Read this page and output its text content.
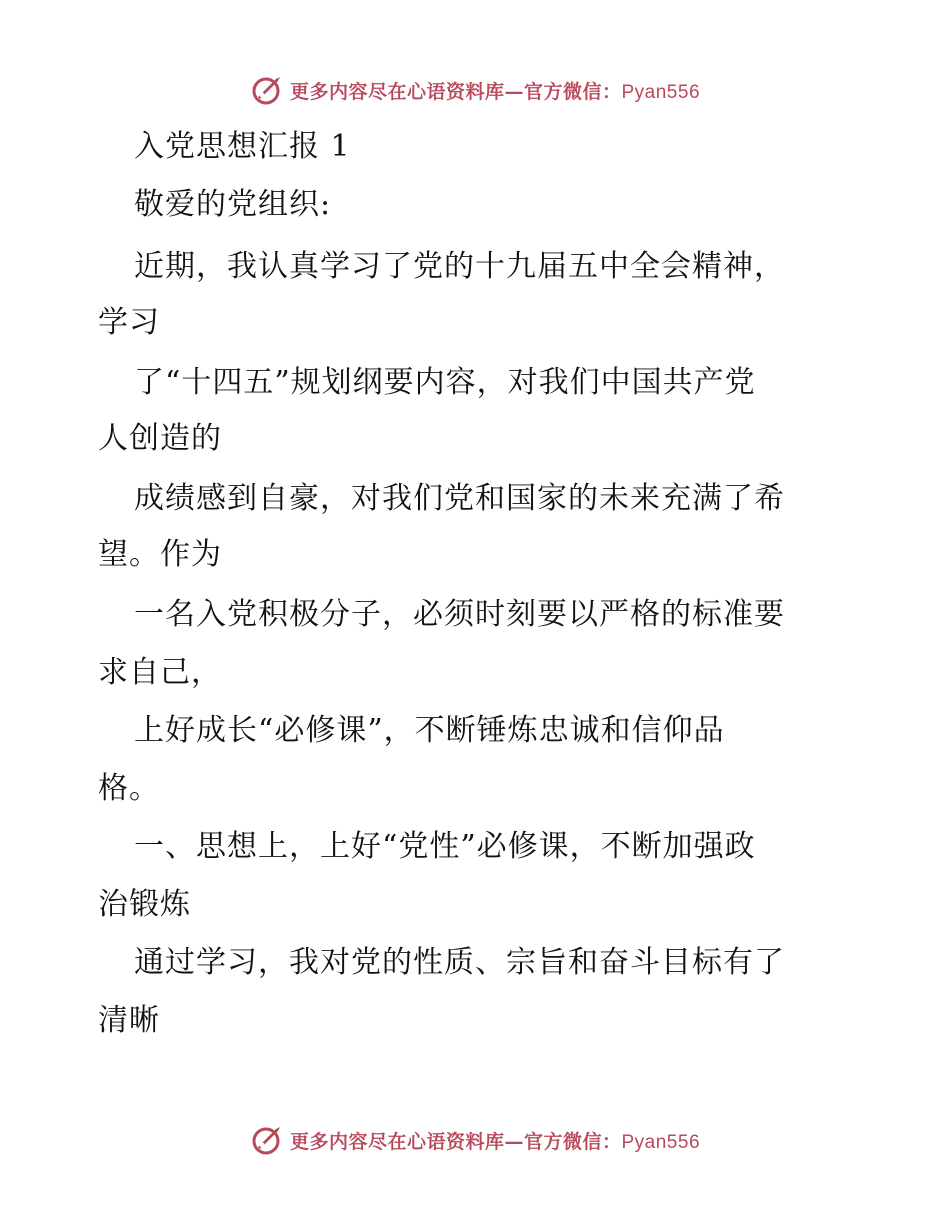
更多内容尽在心语资料库—官方微信：Pyan556
入党思想汇报 1
敬爱的党组织:
近期，我认真学习了党的十九届五中全会精神，
学习
了“十四五”规划纲要内容，对我们中国共产党
人创造的
成绩感到自豪，对我们党和国家的未来充满了希
望。作为
一名入党积极分子，必须时刻要以严格的标准要
求自己，
上好成长“必修课”，不断锤炼忠诚和信仰品
格。
一、思想上，上好“党性”必修课，不断加强政
治锻炼
通过学习，我对党的性质、宗旨和奋斗目标有了
清晰
更多内容尽在心语资料库—官方微信：Pyan556
